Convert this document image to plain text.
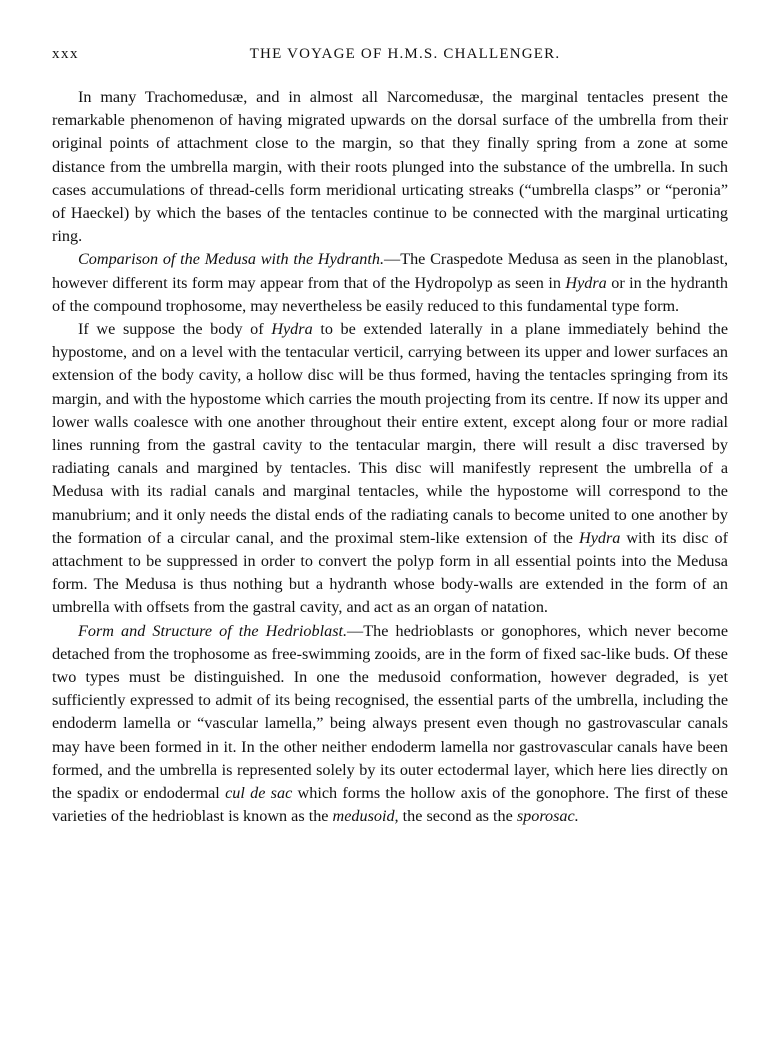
xxx	THE VOYAGE OF H.M.S. CHALLENGER.

In many Trachomedusæ, and in almost all Narcomedusæ, the marginal tentacles present the remarkable phenomenon of having migrated upwards on the dorsal surface of the umbrella from their original points of attachment close to the margin, so that they finally spring from a zone at some distance from the umbrella margin, with their roots plunged into the substance of the umbrella. In such cases accumulations of thread-cells form meridional urticating streaks (“umbrella clasps” or “peronia” of Haeckel) by which the bases of the tentacles continue to be connected with the marginal urticating ring.

Comparison of the Medusa with the Hydranth.—The Craspedote Medusa as seen in the planoblast, however different its form may appear from that of the Hydropolyp as seen in Hydra or in the hydranth of the compound trophosome, may nevertheless be easily reduced to this fundamental type form.

If we suppose the body of Hydra to be extended laterally in a plane immediately behind the hypostome, and on a level with the tentacular verticil, carrying between its upper and lower surfaces an extension of the body cavity, a hollow disc will be thus formed, having the tentacles springing from its margin, and with the hypostome which carries the mouth projecting from its centre. If now its upper and lower walls coalesce with one another throughout their entire extent, except along four or more radial lines running from the gastral cavity to the tentacular margin, there will result a disc traversed by radiating canals and margined by tentacles. This disc will manifestly represent the umbrella of a Medusa with its radial canals and marginal tentacles, while the hypostome will correspond to the manubrium; and it only needs the distal ends of the radiating canals to become united to one another by the formation of a circular canal, and the proximal stem-like extension of the Hydra with its disc of attachment to be suppressed in order to convert the polyp form in all essential points into the Medusa form. The Medusa is thus nothing but a hydranth whose body-walls are extended in the form of an umbrella with offsets from the gastral cavity, and act as an organ of natation.

Form and Structure of the Hedrioblast.—The hedrioblasts or gonophores, which never become detached from the trophosome as free-swimming zooids, are in the form of fixed sac-like buds. Of these two types must be distinguished. In one the medusoid conformation, however degraded, is yet sufficiently expressed to admit of its being recognised, the essential parts of the umbrella, including the endoderm lamella or “vascular lamella,” being always present even though no gastrovascular canals may have been formed in it. In the other neither endoderm lamella nor gastrovascular canals have been formed, and the umbrella is represented solely by its outer ectodermal layer, which here lies directly on the spadix or endodermal cul de sac which forms the hollow axis of the gonophore. The first of these varieties of the hedrioblast is known as the medusoid, the second as the sporosac.
